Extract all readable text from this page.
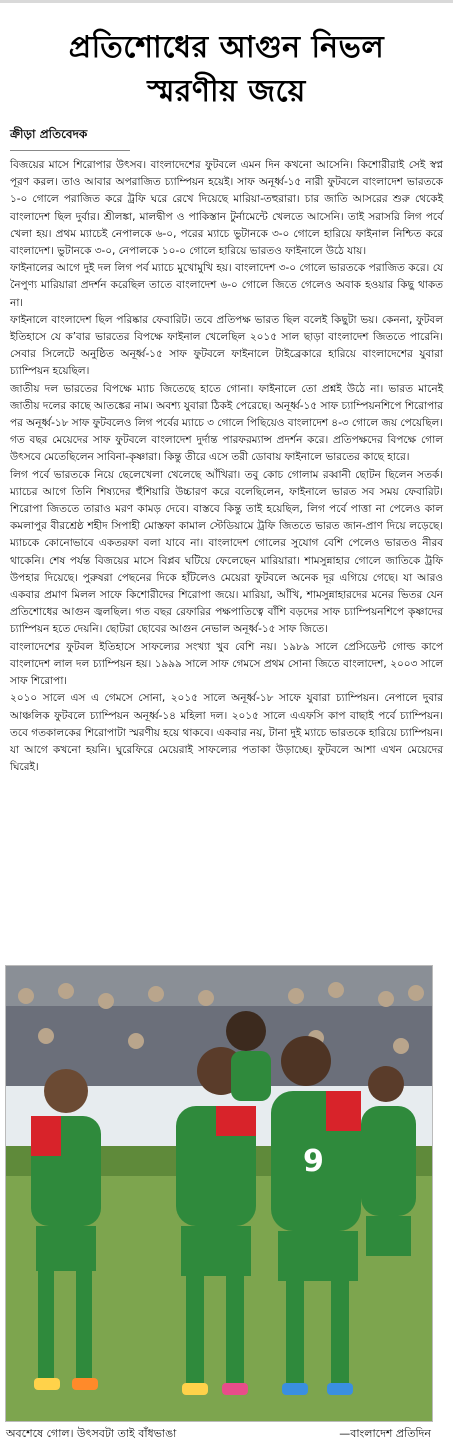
প্রতিশোধের আগুন নিভল
স্মরণীয় জয়ে
ক্রীড়া প্রতিবেদক

বিজয়ের মাসে শিরোপার উৎসব। বাংলাদেশের ফুটবলে এমন দিন কখনো আসেনি। কিশোরীরাই সেই স্বপ্ন পূরণ করল। তাও আবার অপরাজিত চ্যাম্পিয়ন হয়েই। সাফ অনূর্ধ্ব-১৫ নারী ফুটবলে বাংলাদেশ ভারতকে ১-০ গোলে পরাজিত করে ট্রফি ঘরে রেখে দিয়েছে মারিয়া-তহুরারা। চার জাতি আসরের শুরু থেকেই বাংলাদেশ ছিল দুর্বার। শ্রীলঙ্কা, মালদ্বীপ ও পাকিস্তান টুর্নামেন্টে খেলতে আসেনি। তাই সরাসরি লিগ পর্বে খেলা হয়। প্রথম ম্যাচেই নেপালকে ৬-০, পরের ম্যাচে ভুটানকে ৩-০ গোলে হারিয়ে ফাইনাল নিশ্চিত করে বাংলাদেশ। ভুটানকে ৩-০, নেপালকে ১০-০ গোলে হারিয়ে ভারতও ফাইনালে উঠে যায়।

ফাইনালের আগে দুই দল লিগ পর্ব ম্যাচে মুখোমুখি হয়। বাংলাদেশ ৩-০ গোলে ভারতকে পরাজিত করে। যে নৈপুণ্য মারিয়ারা প্রদর্শন করেছিল তাতে বাংলাদেশ ৬-০ গোলে জিতে গেলেও অবাক হওয়ার কিছু থাকত না।

ফাইনালে বাংলাদেশ ছিল পরিষ্কার ফেবারিট। তবে প্রতিপক্ষ ভারত ছিল বলেই কিছুটা ভয়। কেননা, ফুটবল ইতিহাসে যে ক’বার ভারতের বিপক্ষে ফাইনাল খেলেছিল ২০১৫ সাল ছাড়া বাংলাদেশ জিততে পারেনি। সেবার সিলেটে অনুষ্ঠিত অনূর্ধ্ব-১৫ সাফ ফুটবলে ফাইনালে টাইব্রেকারে হারিয়ে বাংলাদেশের যুবারা চ্যাম্পিয়ন হয়েছিল।

জাতীয় দল ভারতের বিপক্ষে ম্যাচ জিতেছে হাতে গোনা। ফাইনালে তো প্রশ্নই উঠে না। ভারত মানেই জাতীয় দলের কাছে আতঙ্কের নাম। অবশ্য যুবারা ঠিকই পেরেছে। অনূর্ধ্ব-১৫ সাফ চ্যাম্পিয়নশিপে শিরোপার পর অনূর্ধ্ব-১৮ সাফ ফুটবলেও লিগ পর্বের ম্যাচে ৩ গোলে পিছিয়েও বাংলাদেশ ৪-৩ গোলে জয় পেয়েছিল। গত বছর মেয়েদের সাফ ফুটবলে বাংলাদেশ দুর্দান্ত পারফরম্যান্স প্রদর্শন করে। প্রতিপক্ষদের বিপক্ষে গোল উৎসবে মেতেছিলেন সাবিনা-কৃষ্ণারা। কিন্তু তীরে এসে তরী ডোবায় ফাইনালে ভারতের কাছে হারে।

লিগ পর্বে ভারতকে নিয়ে ছেলেখেলা খেলেছে আঁখিরা। তবু কোচ গোলাম রব্বানী ছোটন ছিলেন সতর্ক। ম্যাচের আগে তিনি শিষ্যদের হুঁশিয়ারি উচ্চারণ করে বলেছিলেন, ফাইনালে ভারত সব সময় ফেবারিট। শিরোপা জিততে তারাও মরণ কামড় দেবে। বাস্তবে কিন্তু তাই হয়েছিল, লিগ পর্বে পাত্তা না পেলেও কাল কমলাপুর বীরশ্রেষ্ঠ শহীদ সিপাহী মোস্তফা কামাল স্টেডিয়ামে ট্রফি জিততে ভারত জান-প্রাণ দিয়ে লড়েছে। ম্যাচকে কোনোভাবে একতরফা বলা যাবে না। বাংলাদেশ গোলের সুযোগ বেশি পেলেও ভারতও নীরব থাকেনি। শেষ পর্যন্ত বিজয়ের মাসে বিপ্লব ঘটিয়ে ফেলেছেন মারিয়ারা। শামসুন্নাহার গোলে জাতিকে ট্রফি উপহার দিয়েছে। পুরুষরা পেছনের দিকে হাঁটলেও মেয়েরা ফুটবলে অনেক দূর এগিয়ে গেছে। যা আরও একবার প্রমাণ মিলল সাফে কিশোরীদের শিরোপা জয়ে। মারিয়া, আঁখি, শামসুন্নাহারদের মনের ভিতর যেন প্রতিশোধের আগুন জ্বলছিল। গত বছর রেফারির পক্ষপাতিত্বে বাঁশি বড়দের সাফ চ্যাম্পিয়নশিপে কৃষ্ণাদের চ্যাম্পিয়ন হতে দেয়নি। ছোটরা ছোবের আগুন নেভাল অনূর্ধ্ব-১৫ সাফ জিতে।

বাংলাদেশের ফুটবল ইতিহাসে সাফল্যের সংখ্যা খুব বেশি নয়। ১৯৮৯ সালে প্রেসিডেন্ট গোল্ড কাপে বাংলাদেশ লাল দল চ্যাম্পিয়ন হয়। ১৯৯৯ সালে সাফ গেমসে প্রথম সোনা জিতে বাংলাদেশ, ২০০৩ সালে সাফ শিরোপা।

২০১০ সালে এস এ গেমসে সোনা, ২০১৫ সালে অনূর্ধ্ব-১৮ সাফে যুবারা চ্যাম্পিয়ন। নেপালে দুবার আঞ্চলিক ফুটবলে চ্যাম্পিয়ন অনূর্ধ্ব-১৪ মহিলা দল। ২০১৫ সালে এএফসি কাপ বাছাই পর্বে চ্যাম্পিয়ন। তবে গতকালকের শিরোপাটা স্মরণীয় হয়ে থাকবে। একবার নয়, টানা দুই ম্যাচে ভারতকে হারিয়ে চ্যাম্পিয়ন। যা আগে কখনো হয়নি। ঘুরেফিরে মেয়েরাই সাফল্যের পতাকা উড়াচ্ছে। ফুটবলে আশা এখন মেয়েদের ঘিরেই।

9
অবশেষে গোল। উৎসবটা তাই বাঁধভাঙা	—বাংলাদেশ প্রতিদিন
